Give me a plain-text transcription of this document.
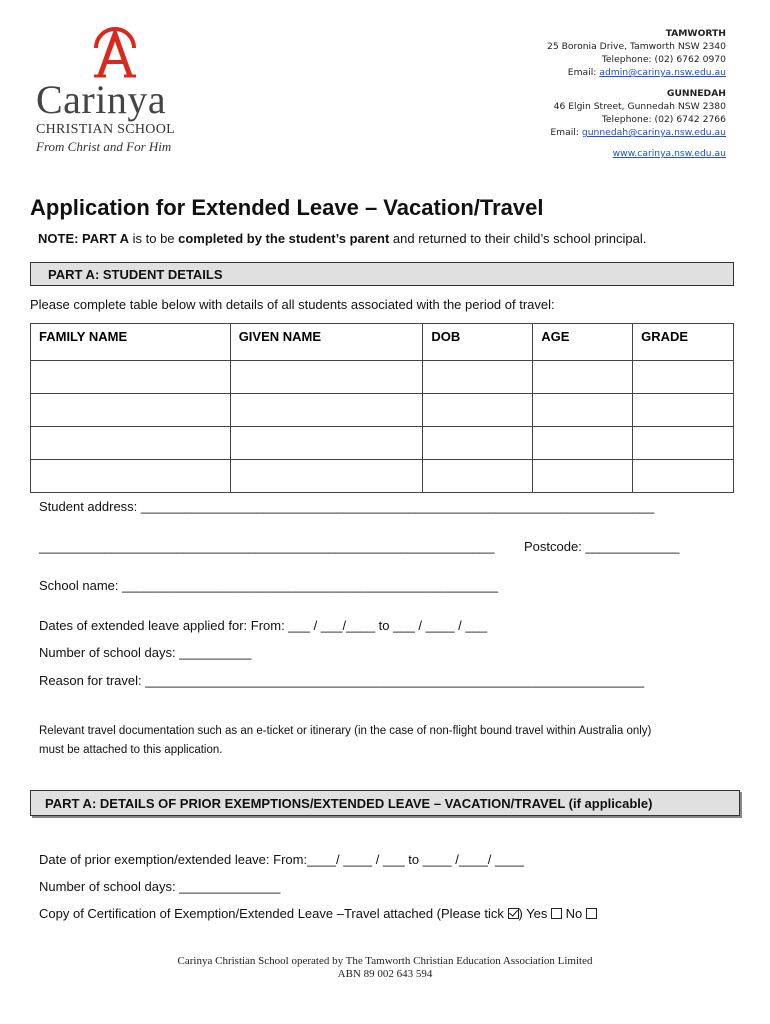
Carinya
CHRISTIAN SCHOOL
From Christ and For Him
TAMWORTH
25 Boronia Drive, Tamworth NSW 2340
Telephone: (02) 6762 0970
Email: admin@carinya.nsw.edu.au
GUNNEDAH
46 Elgin Street, Gunnedah NSW 2380
Telephone: (02) 6742 2766
Email: gunnedah@carinya.nsw.edu.au
www.carinya.nsw.edu.au
Application for Extended Leave – Vacation/Travel
NOTE: PART A is to be completed by the student’s parent and returned to their child’s school principal.
PART A: STUDENT DETAILS
Please complete table below with details of all students associated with the period of travel:
FAMILY NAME	GIVEN NAME	DOB	AGE	GRADE

Student address: _______________________________________________________________________
_______________________________________________________________ Postcode: _____________
School name: ____________________________________________________
Dates of extended leave applied for: From: ___ / ___/____ to ___ / ____ / ___
Number of school days: __________
Reason for travel: _____________________________________________________________________
Relevant travel documentation such as an e-ticket or itinerary (in the case of non-flight bound travel within Australia only)
must be attached to this application.
PART A: DETAILS OF PRIOR EXEMPTIONS/EXTENDED LEAVE – VACATION/TRAVEL (if applicable)
Date of prior exemption/extended leave: From:____/ ____ / ___ to ____ /____/ ____
Number of school days: ______________
Copy of Certification of Exemption/Extended Leave –Travel attached (Please tick ) Yes  No
Carinya Christian School operated by The Tamworth Christian Education Association Limited
ABN 89 002 643 594
